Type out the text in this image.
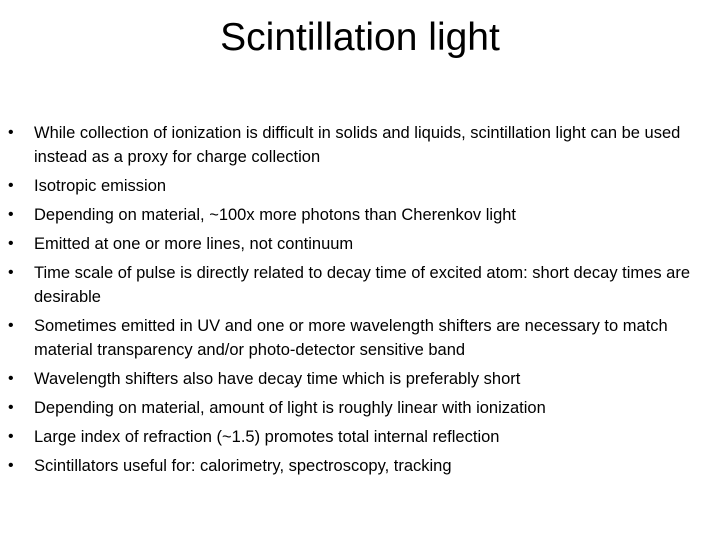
Scintillation light
•	While collection of ionization is difficult in solids and liquids, scintillation light can be used instead as a proxy for charge collection
•	Isotropic emission
•	Depending on material, ~100x more photons than Cherenkov light
•	Emitted at one or more lines, not continuum
•	Time scale of pulse is directly related to decay time of excited atom: short decay times are desirable
•	Sometimes emitted in UV and one or more wavelength shifters are necessary to match material transparency and/or photo-detector sensitive band
•	Wavelength shifters also have decay time which is preferably short
•	Depending on material, amount of light is roughly linear with ionization
•	Large index of refraction (~1.5) promotes total internal reflection
•	Scintillators useful for: calorimetry, spectroscopy, tracking
